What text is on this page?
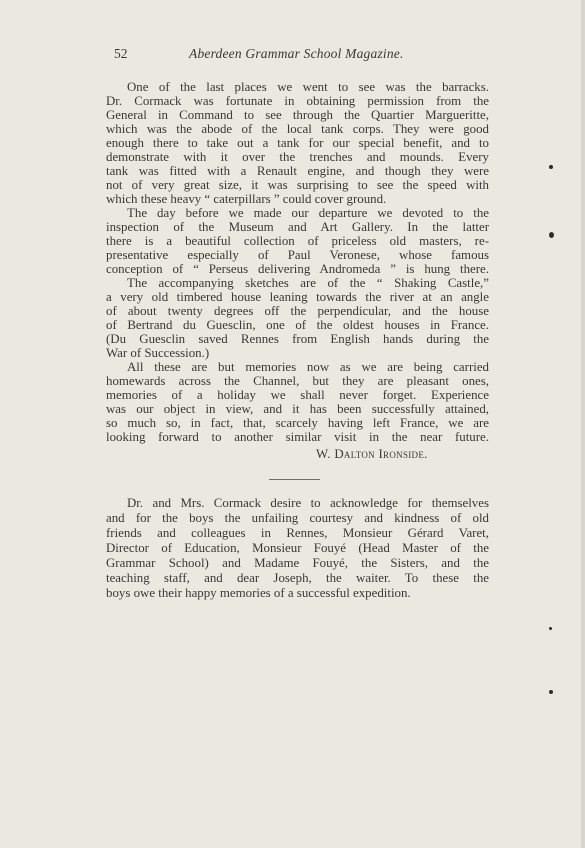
52	Aberdeen Grammar School Magazine.
One of the last places we went to see was the barracks.
Dr. Cormack was fortunate in obtaining permission from the
General in Command to see through the Quartier Margueritte,
which was the abode of the local tank corps. They were good
enough there to take out a tank for our special benefit, and to
demonstrate with it over the trenches and mounds. Every
tank was fitted with a Renault engine, and though they were
not of very great size, it was surprising to see the speed with
which these heavy “ caterpillars ” could cover ground.
The day before we made our departure we devoted to the
inspection of the Museum and Art Gallery. In the latter
there is a beautiful collection of priceless old masters, re-
presentative especially of Paul Veronese, whose famous
conception of “ Perseus delivering Andromeda ” is hung there.
The accompanying sketches are of the “ Shaking Castle,”
a very old timbered house leaning towards the river at an angle
of about twenty degrees off the perpendicular, and the house
of Bertrand du Guesclin, one of the oldest houses in France.
(Du Guesclin saved Rennes from English hands during the
War of Succession.)
All these are but memories now as we are being carried
homewards across the Channel, but they are pleasant ones,
memories of a holiday we shall never forget. Experience
was our object in view, and it has been successfully attained,
so much so, in fact, that, scarcely having left France, we are
looking forward to another similar visit in the near future.
W. Dalton Ironside.
Dr. and Mrs. Cormack desire to acknowledge for themselves
and for the boys the unfailing courtesy and kindness of old
friends and colleagues in Rennes, Monsieur Gérard Varet,
Director of Education, Monsieur Fouyé (Head Master of the
Grammar School) and Madame Fouyé, the Sisters, and the
teaching staff, and dear Joseph, the waiter. To these the
boys owe their happy memories of a successful expedition.
